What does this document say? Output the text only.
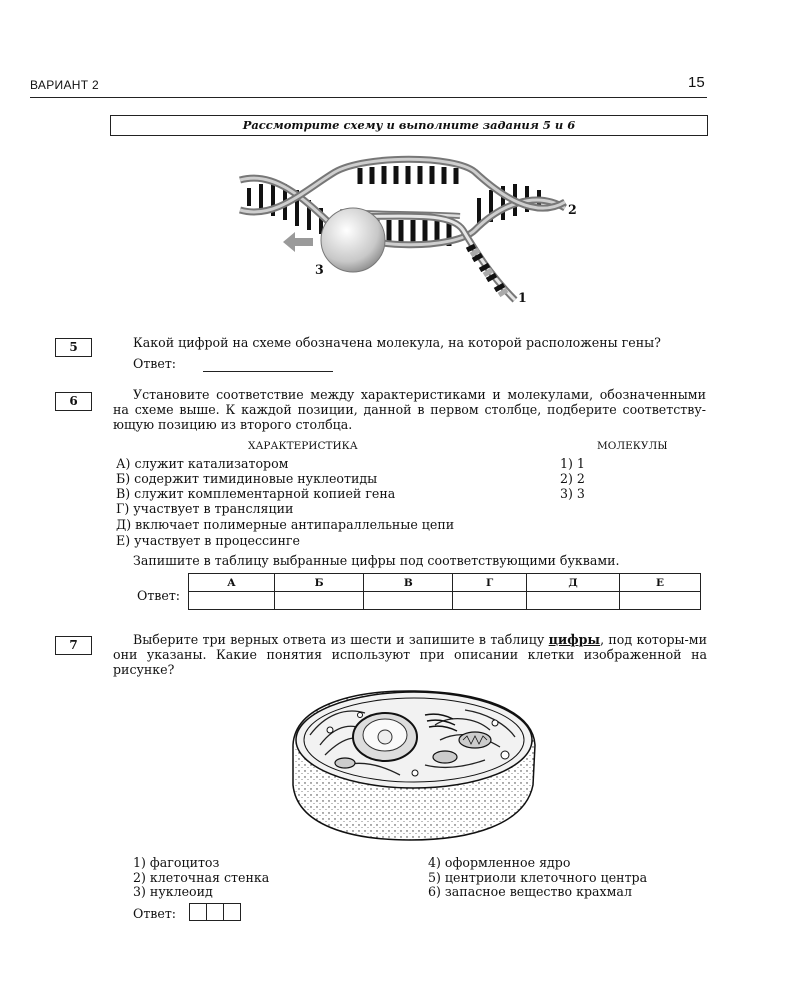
ВАРИАНТ 2	15
Рассмотрите схему и выполните задания 5 и 6
2
1
3
5	Какой цифрой на схеме обозначена молекула, на которой расположены гены?
Ответ:
6	Установите соответствие между характеристиками и молекулами, обозначенными на схеме выше. К каждой позиции, данной в первом столбце, подберите соответству-ющую позицию из второго столбца.
ХАРАКТЕРИСТИКА	МОЛЕКУЛЫ
А) служит катализатором
Б) содержит тимидиновые нуклеотиды
В) служит комплементарной копией гена
Г) участвует в трансляции
Д) включает полимерные антипараллельные цепи
Е) участвует в процессинге
1) 1
2) 2
3) 3
Запишите в таблицу выбранные цифры под соответствующими буквами.
Ответ:
А	Б	В	Г	Д	Е

7	Выберите три верных ответа из шести и запишите в таблицу цифры, под которы-ми они указаны. Какие понятия используют при описании клетки изображенной на рисунке?
1) фагоцитоз
2) клеточная стенка
3) нуклеоид
4) оформленное ядро
5) центриоли клеточного центра
6) запасное вещество крахмал
Ответ:
